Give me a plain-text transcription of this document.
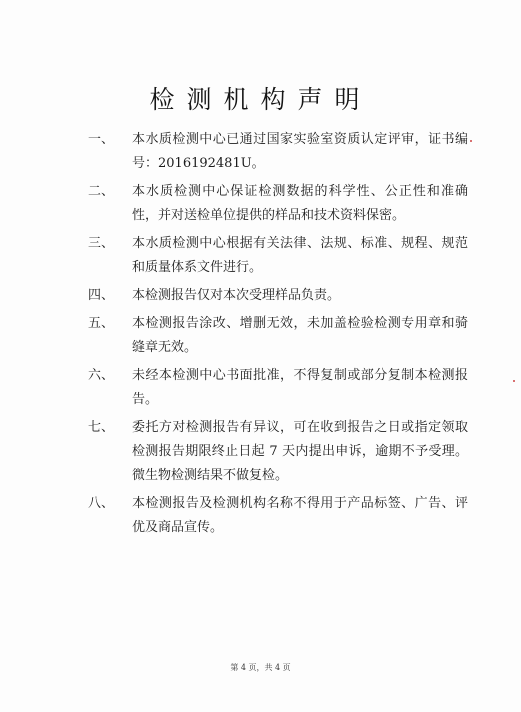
检测机构声明
一、	本水质检测中心已通过国家实验室资质认定评审，证书编号：2016192481U。
二、	本水质检测中心保证检测数据的科学性、公正性和准确性，并对送检单位提供的样品和技术资料保密。
三、	本水质检测中心根据有关法律、法规、标准、规程、规范和质量体系文件进行。
四、	本检测报告仅对本次受理样品负责。
五、	本检测报告涂改、增删无效，未加盖检验检测专用章和骑缝章无效。
六、	未经本检测中心书面批准，不得复制或部分复制本检测报告。
七、	委托方对检测报告有异议，可在收到报告之日或指定领取检测报告期限终止日起 7 天内提出申诉，逾期不予受理。微生物检测结果不做复检。
八、	本检测报告及检测机构名称不得用于产品标签、广告、评优及商品宣传。
第 4 页，共 4 页
